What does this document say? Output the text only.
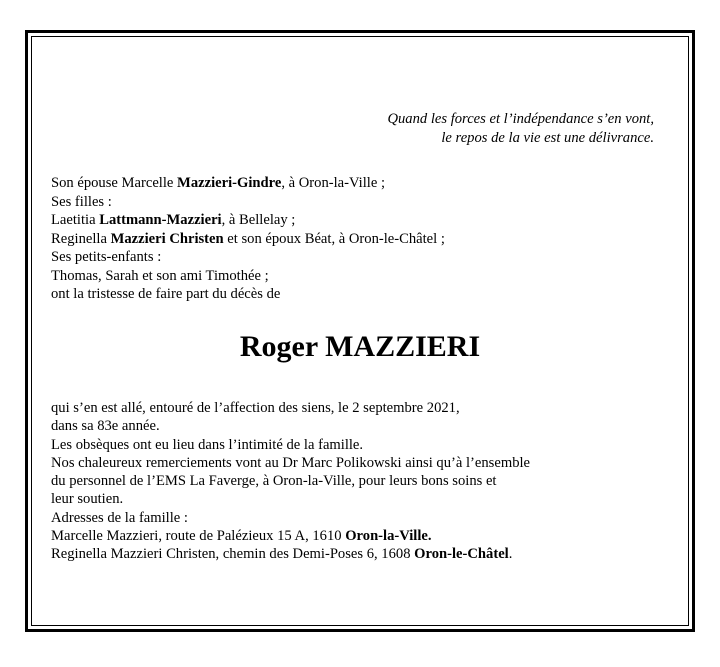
Quand les forces et l’indépendance s’en vont,
le repos de la vie est une délivrance.
Son épouse Marcelle Mazzieri-Gindre, à Oron-la-Ville ;
Ses filles :
Laetitia Lattmann-Mazzieri, à Bellelay ;
Reginella Mazzieri Christen et son époux Béat, à Oron-le-Châtel ;
Ses petits-enfants :
Thomas, Sarah et son ami Timothée ;
ont la tristesse de faire part du décès de
Roger MAZZIERI
qui s’en est allé, entouré de l’affection des siens, le 2 septembre 2021,
dans sa 83e année.
Les obsèques ont eu lieu dans l’intimité de la famille.
Nos chaleureux remerciements vont au Dr Marc Polikowski ainsi qu’à l’ensemble
du personnel de l’EMS La Faverge, à Oron-la-Ville, pour leurs bons soins et
leur soutien.
Adresses de la famille :
Marcelle Mazzieri, route de Palézieux 15 A, 1610 Oron-la-Ville.
Reginella Mazzieri Christen, chemin des Demi-Poses 6, 1608 Oron-le-Châtel.
